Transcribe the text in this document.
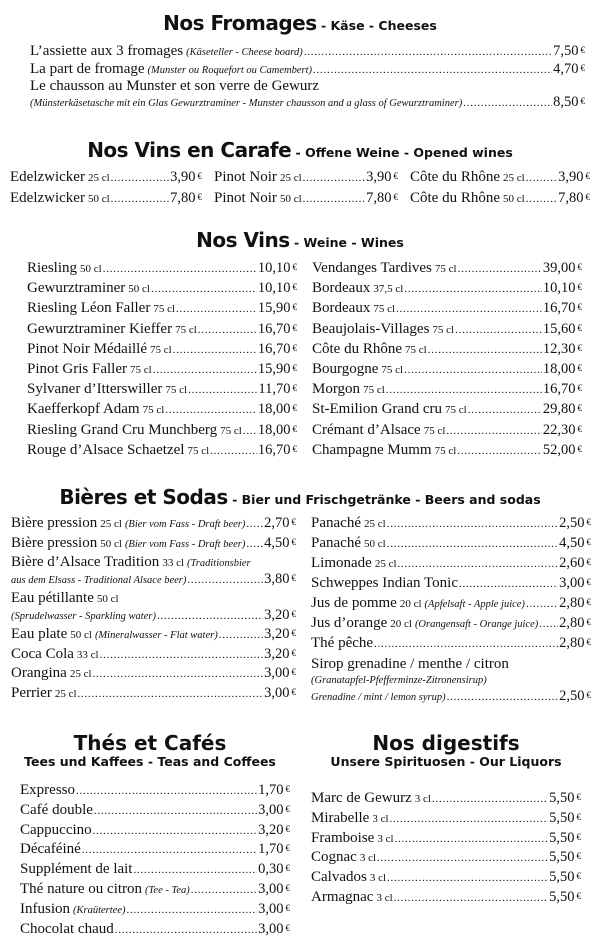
Nos Fromages - Käse - Cheeses
L’assiette aux 3 fromages (Käseteller - Cheese board) . . .	7,50 €
La part de fromage (Munster ou Roquefort ou Camembert) . . .	4,70 €
Le chausson au Munster et son verre de Gewurz
(Münsterkäsetasche mit ein Glas Gewurztraminer - Munster chausson and a glass of Gewurztraminer) . . .	8,50 €
Nos Vins en Carafe - Offene Weine - Opened wines
Edelzwicker 25 cl . . .	3,90 €
Edelzwicker 50 cl . . .	7,80 €
Pinot Noir 25 cl . . .	3,90 €
Pinot Noir 50 cl . . .	7,80 €
Côte du Rhône 25 cl . . . 3,90 €
Côte du Rhône 50 cl . . . 7,80 €
Nos Vins - Weine - Wines
Riesling 50 cl . . .	10,10 €
Gewurztraminer 50 cl . . .	10,10 €
Riesling Léon Faller 75 cl . . .	15,90 €
Gewurztraminer Kieffer 75 cl . . .	16,70 €
Pinot Noir Médaillé 75 cl . . .	16,70 €
Pinot Gris Faller 75 cl . . .	15,90 €
Sylvaner d’Itterswiller 75 cl . . .	11,70 €
Kaefferkopf Adam 75 cl . . .	18,00 €
Riesling Grand Cru Munchberg 75 cl . . . 18,00 €
Rouge d’Alsace Schaetzel 75 cl . . .	16,70 €
Vendanges Tardives 75 cl . . .	39,00 €
Bordeaux 37,5 cl . . .	10,10 €
Bordeaux 75 cl . . .	16,70 €
Beaujolais-Villages 75 cl . . .	15,60 €
Côte du Rhône 75 cl . . .	12,30 €
Bourgogne 75 cl . . .	18,00 €
Morgon 75 cl . . .	16,70 €
St-Emilion Grand cru 75 cl . . .	29,80 €
Crémant d’Alsace 75 cl . . .	22,30 €
Champagne Mumm 75 cl . . .	52,00 €
Bières et Sodas - Bier und Frischgetränke - Beers and sodas
Bière pression 25 cl (Bier vom Fass - Draft beer) . . . 2,70 €
Bière pression 50 cl (Bier vom Fass - Draft beer) . . . 4,50 €
Bière d’Alsace Tradition 33 cl (Traditionsbier
aus dem Elsass - Traditional Alsace beer) . . .	3,80 €
Eau pétillante 50 cl
(Sprudelwasser - Sparkling water) . . .	3,20 €
Eau plate 50 cl (Mineralwasser - Flat water) . . .	3,20 €
Coca Cola 33 cl . . .	3,20 €
Orangina 25 cl . . .	3,00 €
Perrier 25 cl . . .	3,00 €
Panaché 25 cl . . .	2,50 €
Panaché 50 cl . . .	4,50 €
Limonade 25 cl . . .	2,60 €
Schweppes Indian Tonic . . .	3,00 €
Jus de pomme 20 cl (Apfelsaft - Apple juice) . . . 2,80 €
Jus d’orange 20 cl (Orangensaft - Orange juice) . . . 2,80 €
Thé pêche . . .	2,80 €
Sirop grenadine / menthe / citron
(Granatapfel-Pfefferminze-Zitronensirup)
Grenadine / mint / lemon syrup) . . .	2,50 €
Thés et Cafés
Tees und Kaffees - Teas and Coffees
Expresso . . .	1,70 €
Café double . . .	3,00 €
Cappuccino . . .	3,20 €
Décaféiné . . .	1,70 €
Supplément de lait . . .	0,30 €
Thé nature ou citron (Tee - Tea) . . .	3,00 €
Infusion (Kraütertee) . . .	3,00 €
Chocolat chaud . . .	3,00 €
Nos digestifs
Unsere Spirituosen - Our Liquors
Marc de Gewurz 3 cl . . .	5,50 €
Mirabelle 3 cl . . .	5,50 €
Framboise 3 cl . . .	5,50 €
Cognac 3 cl . . .	5,50 €
Calvados 3 cl . . .	5,50 €
Armagnac 3 cl . . .	5,50 €
